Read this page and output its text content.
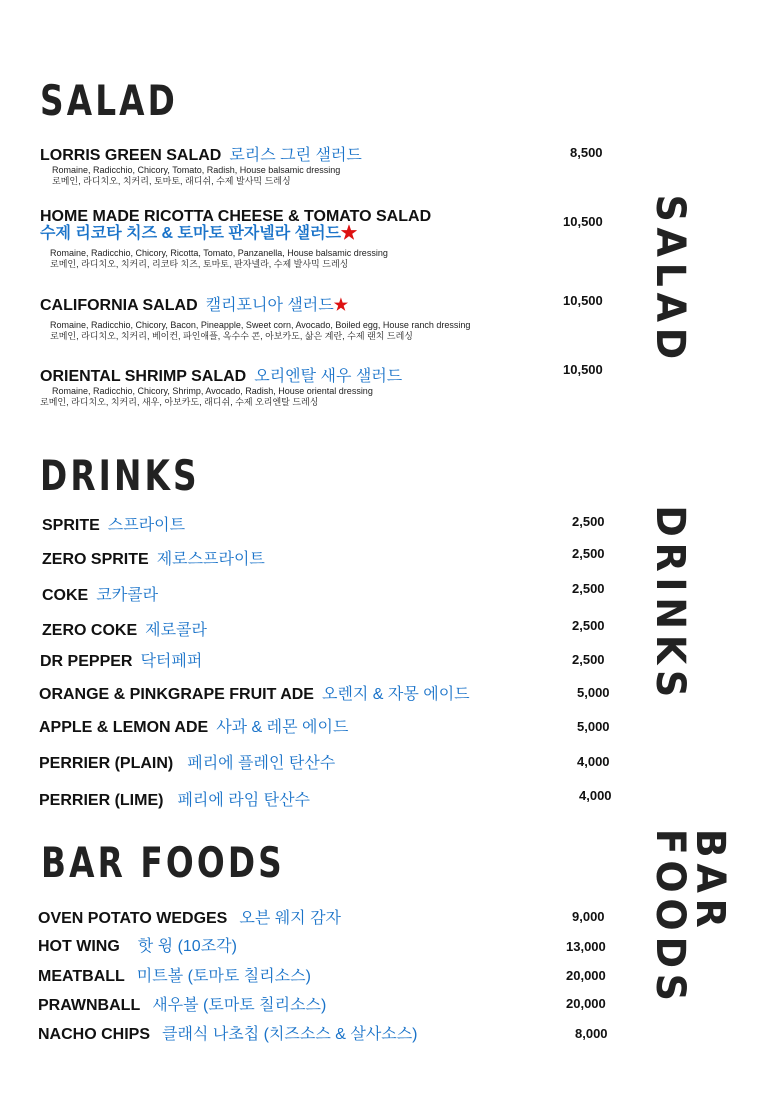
SALAD
SALAD
LORRIS GREEN SALAD 로리스 그린 샐러드
Romaine, Radicchio, Chicory, Tomato, Radish, House balsamic dressing
로메인, 라디치오, 치커리, 토마토, 래디쉬, 수제 발사믹 드레싱
8,500
HOME MADE RICOTTA CHEESE & TOMATO SALAD
수제 리코타 치즈 & 토마토 판자넬라 샐러드★
Romaine, Radicchio, Chicory, Ricotta, Tomato, Panzanella, House balsamic dressing
로메인, 라디치오, 치커리, 리코타 치즈, 토마토, 판자넬라, 수제 발사믹 드레싱
10,500
CALIFORNIA SALAD 캘리포니아 샐러드★
Romaine, Radicchio, Chicory, Bacon, Pineapple, Sweet corn, Avocado, Boiled egg, House ranch dressing
로메인, 라디치오, 치커리, 베이컨, 파인애플, 옥수수 콘, 아보카도, 삶은 계란, 수제 랜치 드레싱
10,500
ORIENTAL SHRIMP SALAD 오리엔탈 새우 샐러드
Romaine, Radicchio, Chicory, Shrimp, Avocado, Radish, House oriental dressing
로메인, 라디치오, 치커리, 새우, 아보카도, 래디쉬, 수제 오리엔탈 드레싱
10,500
DRINKS
DRINKS
SPRITE 스프라이트	2,500
ZERO SPRITE 제로스프라이트	2,500
COKE 코카콜라	2,500
ZERO COKE 제로콜라	2,500
DR PEPPER 닥터페퍼	2,500
ORANGE & PINKGRAPE FRUIT ADE 오렌지 & 자몽 에이드	5,000
APPLE & LEMON ADE 사과 & 레몬 에이드	5,000
PERRIER (PLAIN) 페리에 플레인 탄산수	4,000
PERRIER (LIME) 페리에 라임 탄산수	4,000
BAR FOODS	BAR FOODS
OVEN POTATO WEDGES 오븐 웨지 감자	9,000
HOT WING 핫 윙 (10조각)	13,000
MEATBALL 미트볼 (토마토 칠리소스)	20,000
PRAWNBALL 새우볼 (토마토 칠리소스)	20,000
NACHO CHIPS 클래식 나초칩 (치즈소스 & 살사소스)	8,000
